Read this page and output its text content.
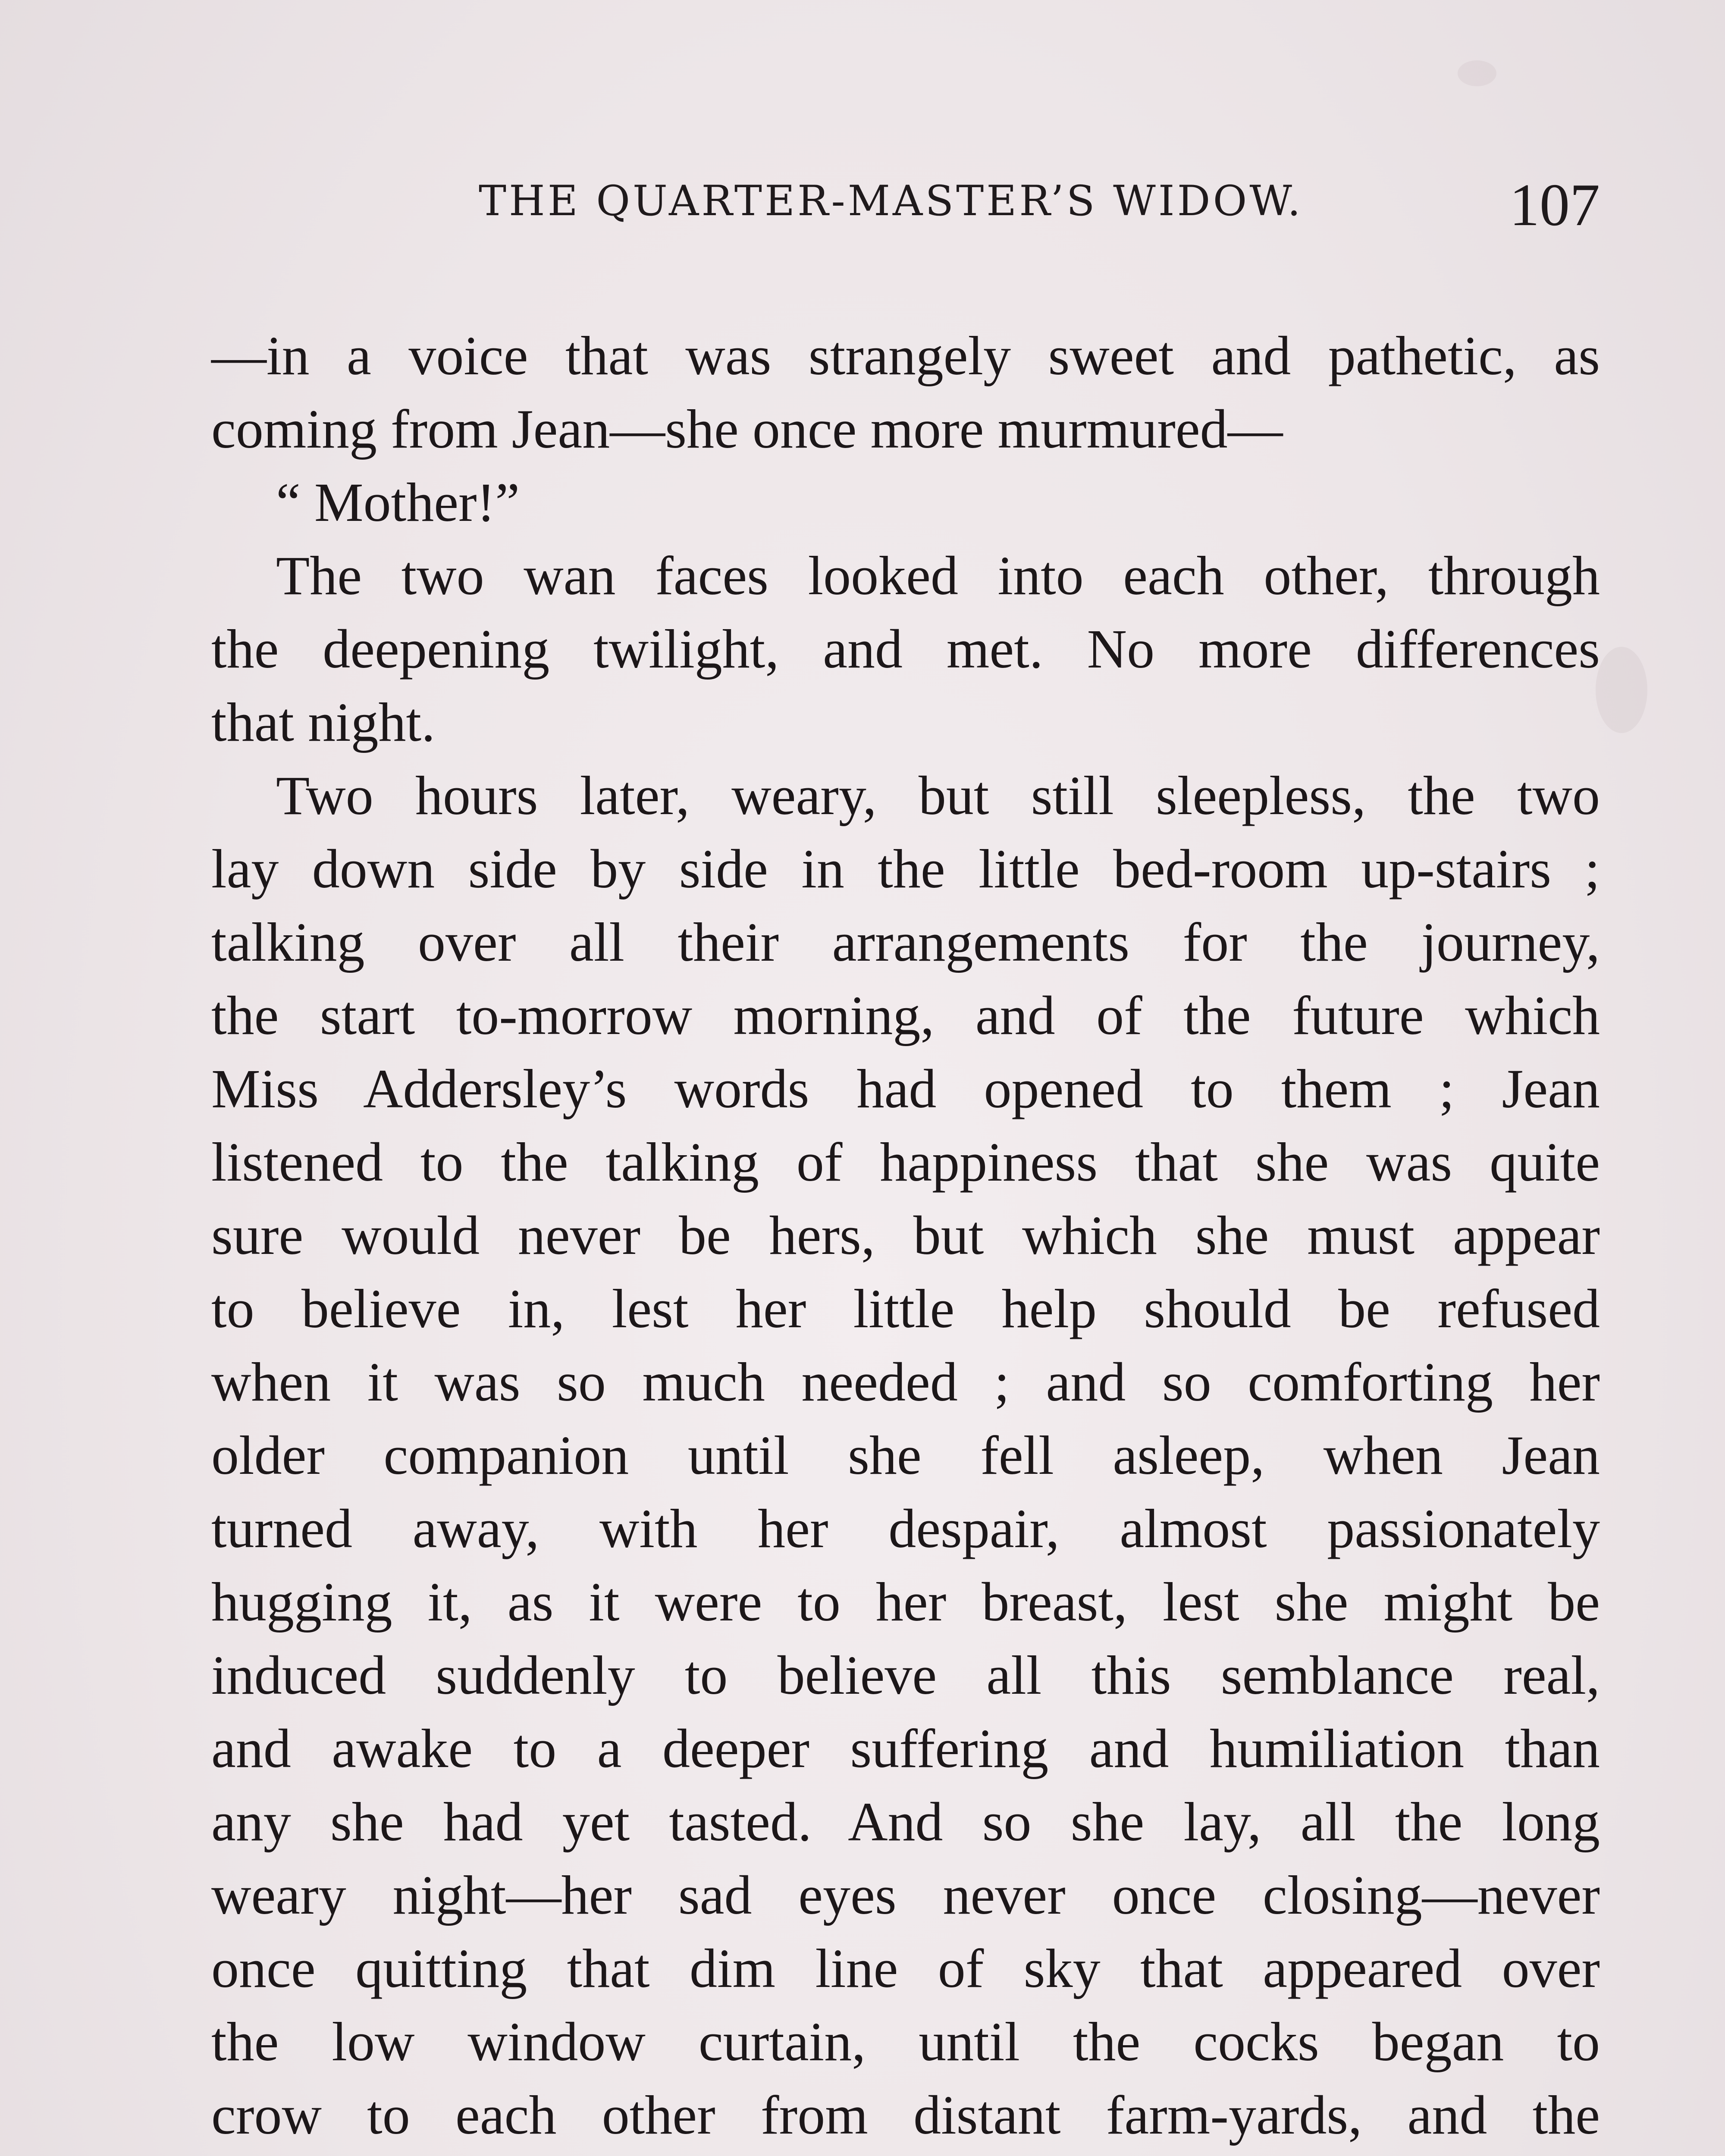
THE QUARTER-MASTER’S WIDOW.	107
—in a voice that was strangely sweet and pathetic, as
coming from Jean—she once more murmured—
“ Mother!”
The two wan faces looked into each other, through
the deepening twilight, and met. No more differences
that night.
Two hours later, weary, but still sleepless, the two
lay down side by side in the little bed-room up-stairs ;
talking over all their arrangements for the journey,
the start to-morrow morning, and of the future which
Miss Addersley’s words had opened to them ; Jean
listened to the talking of happiness that she was quite
sure would never be hers, but which she must appear
to believe in, lest her little help should be refused
when it was so much needed ; and so comforting her
older companion until she fell asleep, when Jean
turned away, with her despair, almost passionately
hugging it, as it were to her breast, lest she might be
induced suddenly to believe all this semblance real,
and awake to a deeper suffering and humiliation than
any she had yet tasted. And so she lay, all the long
weary night—her sad eyes never once closing—never
once quitting that dim line of sky that appeared over
the low window curtain, until the cocks began to
crow to each other from distant farm-yards, and the
